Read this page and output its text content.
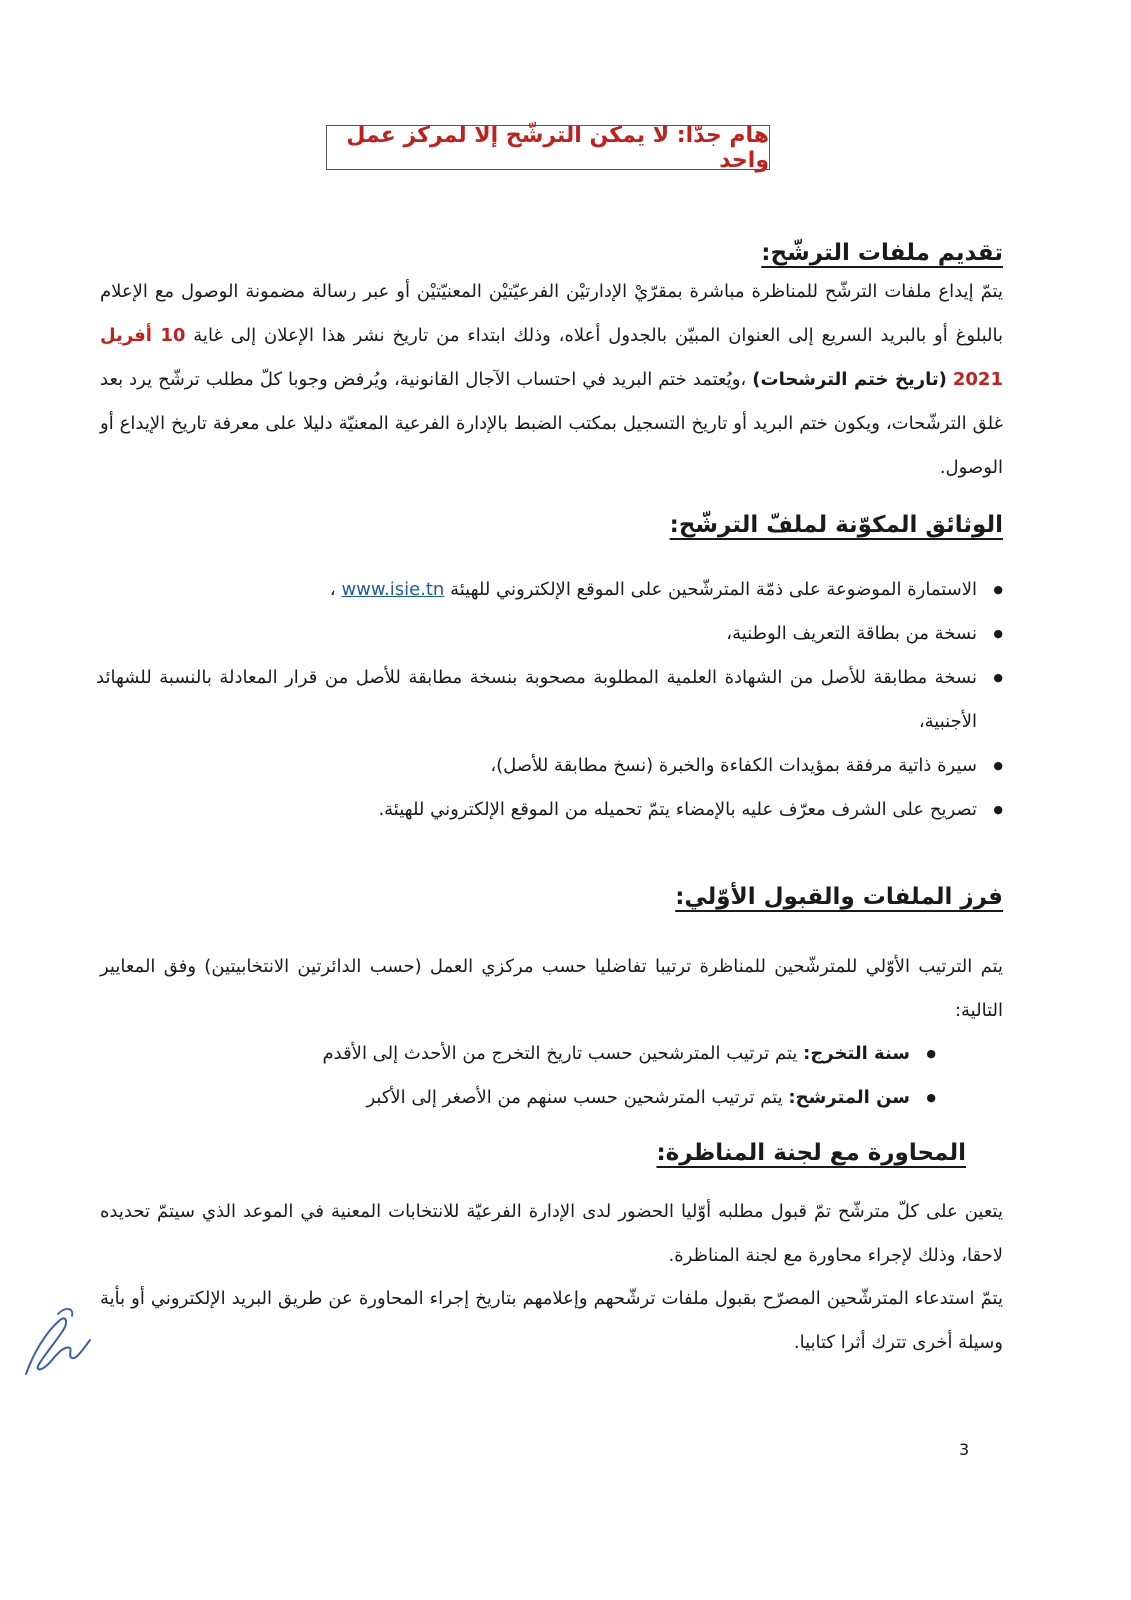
هام جدّا: لا يمكن الترشّح إلا لمركز عمل واحد
تقديم ملفات الترشّح:

يتمّ إيداع ملفات الترشّح للمناظرة مباشرة بمقرّيْ الإدارتيْن الفرعيّتيْن المعنيّتيْن أو عبر رسالة مضمونة الوصول مع الإعلام بالبلوغ أو بالبريد السريع إلى العنوان المبيّن بالجدول أعلاه، وذلك ابتداء من تاريخ نشر هذا الإعلان إلى غاية 10 أفريل 2021 (تاريخ ختم الترشحات) ،ويُعتمد ختم البريد في احتساب الآجال القانونية، ويُرفض وجوبا كلّ مطلب ترشّح يرد بعد غلق الترشّحات، ويكون ختم البريد أو تاريخ التسجيل بمكتب الضبط بالإدارة الفرعية المعنيّة دليلا على معرفة تاريخ الإيداع أو الوصول.

الوثائق المكوّنة لملفّ الترشّح:
● الاستمارة الموضوعة على ذمّة المترشّحين على الموقع الإلكتروني للهيئة www.isie.tn ،
● نسخة من بطاقة التعريف الوطنية،
● نسخة مطابقة للأصل من الشهادة العلمية المطلوبة مصحوبة بنسخة مطابقة للأصل من قرار المعادلة بالنسبة للشهائد الأجنبية،
● سيرة ذاتية مرفقة بمؤيدات الكفاءة والخبرة (نسخ مطابقة للأصل)،
● تصريح على الشرف معرّف عليه بالإمضاء يتمّ تحميله من الموقع الإلكتروني للهيئة.
فرز الملفات والقبول الأوّلي:

يتم الترتيب الأوّلي للمترشّحين للمناظرة ترتيبا تفاضليا حسب مركزي العمل (حسب الدائرتين الانتخابيتين) وفق المعايير التالية:

● سنة التخرج: يتم ترتيب المترشحين حسب تاريخ التخرج من الأحدث إلى الأقدم
● سن المترشح: يتم ترتيب المترشحين حسب سنهم من الأصغر إلى الأكبر
المحاورة مع لجنة المناظرة:

يتعين على كلّ مترشّح تمّ قبول مطلبه أوّليا الحضور لدى الإدارة الفرعيّة للانتخابات المعنية في الموعد الذي سيتمّ تحديده لاحقا، وذلك لإجراء محاورة مع لجنة المناظرة.

يتمّ استدعاء المترشّحين المصرّح بقبول ملفات ترشّحهم وإعلامهم بتاريخ إجراء المحاورة عن طريق البريد الإلكتروني أو بأية وسيلة أخرى تترك أثرا كتابيا.

3
